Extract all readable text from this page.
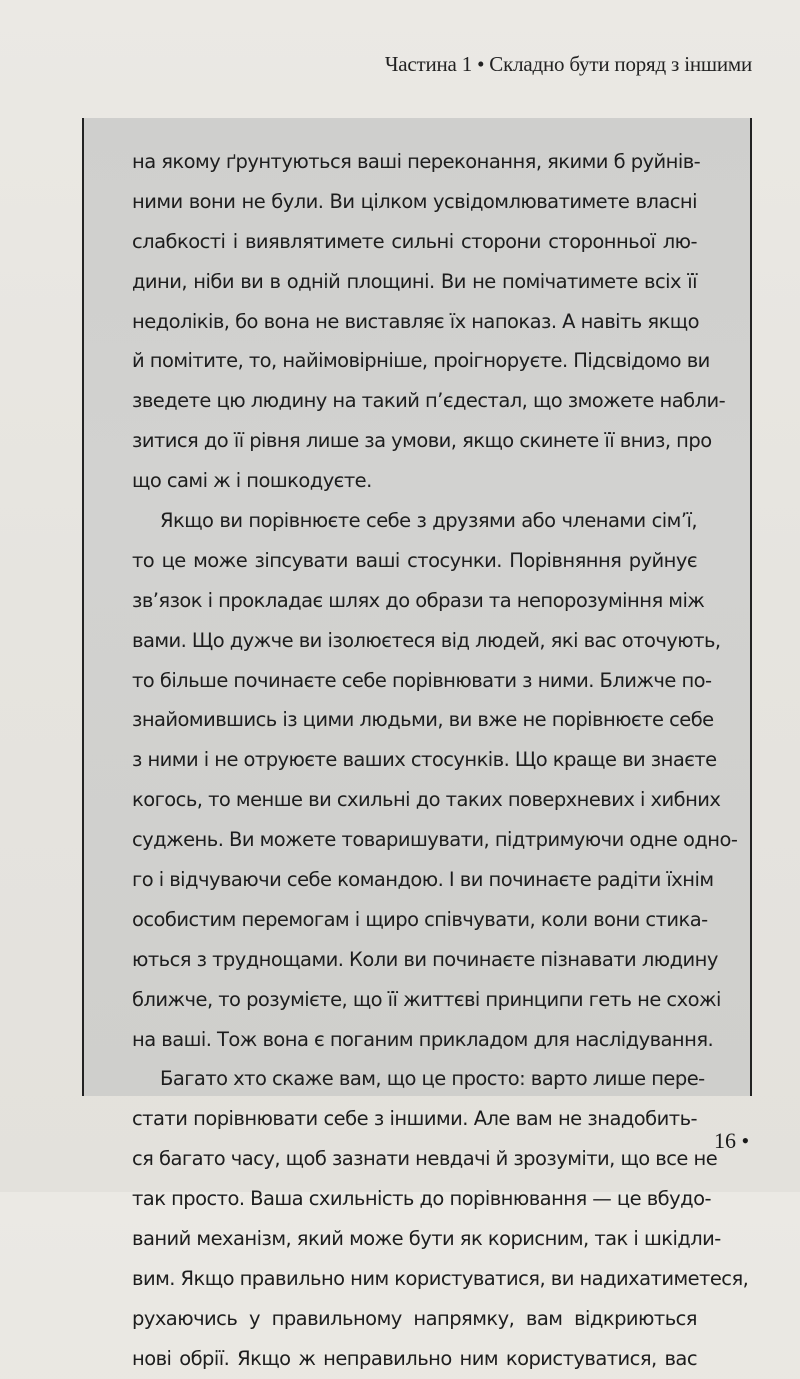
Частина 1 • Складно бути поряд з іншими
на якому ґрунтуються ваші переконання, якими б руйнів-
ними вони не були. Ви цілком усвідомлюватимете власні
слабкості і виявлятимете сильні сторони сторонньої лю-
дини, ніби ви в одній площині. Ви не помічатимете всіх її
недоліків, бо вона не виставляє їх напоказ. А навіть якщо
й помітите, то, найімовірніше, проігноруєте. Підсвідомо ви
зведете цю людину на такий п’єдестал, що зможете набли-
зитися до її рівня лише за умови, якщо скинете її вниз, про
що самі ж і пошкодуєте.
Якщо ви порівнюєте себе з друзями або членами сім’ї,
то це може зіпсувати ваші стосунки. Порівняння руйнує
зв’язок і прокладає шлях до образи та непорозуміння між
вами. Що дужче ви ізолюєтеся від людей, які вас оточують,
то більше починаєте себе порівнювати з ними. Ближче по-
знайомившись із цими людьми, ви вже не порівнюєте себе
з ними і не отруюєте ваших стосунків. Що краще ви знаєте
когось, то менше ви схильні до таких поверхневих і хибних
суджень. Ви можете товаришувати, підтримуючи одне одно-
го і відчуваючи себе командою. І ви починаєте радіти їхнім
особистим перемогам і щиро співчувати, коли вони стика-
ються з труднощами. Коли ви починаєте пізнавати людину
ближче, то розумієте, що її життєві принципи геть не схожі
на ваші. Тож вона є поганим прикладом для наслідування.
Багато хто скаже вам, що це просто: варто лише пере-
стати порівнювати себе з іншими. Але вам не знадобить-
ся багато часу, щоб зазнати невдачі й зрозуміти, що все не
так просто. Ваша схильність до порівнювання — це вбудо-
ваний механізм, який може бути як корисним, так і шкідли-
вим. Якщо правильно ним користуватися, ви надихатиметеся,
рухаючись у правильному напрямку, вам відкриються
нові обрії. Якщо ж неправильно ним користуватися, вас
16 •
